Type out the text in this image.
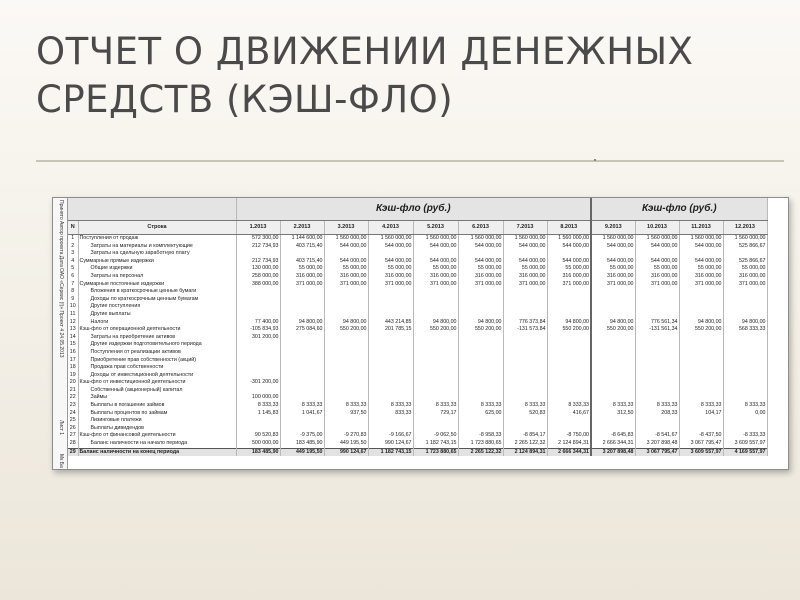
ОТЧЕТ О ДВИЖЕНИИ ДЕНЕЖНЫХ СРЕДСТВ (КЭШ-ФЛО)
Принято Автор проекта Дата
ОАО «Сервис (!)» Проект 4 24.05.2013
Лист 1
Мк Ба
		Кэш-фло (руб.)								Кэш-фло (руб.)			
N	Строка	1.2013	2.2013	3.2013	4.2013	5.2013	6.2013	7.2013	8.2013	9.2013	10.2013	11.2013	12.2013
1	Поступления от продаж	572 300,00	1 144 600,00	1 560 000,00	1 560 000,00	1 560 000,00	1 560 000,00	1 560 000,00	1 560 000,00	1 560 000,00	1 560 000,00	1 560 000,00	1 560 000,00
2	Затраты на материалы и комплектующие	212 734,93	403 715,40	544 000,00	544 000,00	544 000,00	544 000,00	544 000,00	544 000,00	544 000,00	544 000,00	544 000,00	525 866,67
3	Затраты на сдельную заработную плату												
4	Суммарные прямые издержки	212 734,93	403 715,40	544 000,00	544 000,00	544 000,00	544 000,00	544 000,00	544 000,00	544 000,00	544 000,00	544 000,00	525 866,67
5	Общие издержки	130 000,00	55 000,00	55 000,00	55 000,00	55 000,00	55 000,00	55 000,00	55 000,00	55 000,00	55 000,00	55 000,00	55 000,00
6	Затраты на персонал	258 000,00	316 000,00	316 000,00	316 000,00	316 000,00	316 000,00	316 000,00	316 000,00	316 000,00	316 000,00	316 000,00	316 000,00
7	Суммарные постоянные издержки	388 000,00	371 000,00	371 000,00	371 000,00	371 000,00	371 000,00	371 000,00	371 000,00	371 000,00	371 000,00	371 000,00	371 000,00
8	Вложения в краткосрочные ценные бумаги												
9	Доходы по краткосрочным ценным бумагам												
10	Другие поступления												
11	Другие выплаты												
12	Налоги	77 400,00	94 800,00	94 800,00	443 214,85	94 800,00	94 800,00	776 373,84	94 800,00	94 800,00	776 561,34	94 800,00	94 800,00
13	Кэш-фло от операционной деятельности	-105 834,93	275 084,60	550 200,00	201 785,15	550 200,00	550 200,00	-131 573,84	550 200,00	550 200,00	-131 561,34	550 200,00	568 333,33
14	Затраты на приобретение активов	301 200,00											
15	Другие издержки подготовительного периода												
16	Поступления от реализации активов												
17	Приобретение прав собственности (акций)												
18	Продажа прав собственности												
19	Доходы от инвестиционной деятельности												
20	Кэш-фло от инвестиционной деятельности	-301 200,00											
21	Собственный (акционерный) капитал												
22	Займы	100 000,00											
23	Выплаты в погашение займов	8 333,33	8 333,33	8 333,33	8 333,33	8 333,33	8 333,33	8 333,33	8 333,33	8 333,33	8 333,33	8 333,33	8 333,33
24	Выплаты процентов по займам	1 145,83	1 041,67	937,50	833,33	729,17	625,00	520,83	416,67	312,50	208,33	104,17	0,00
25	Лизинговые платежи												
26	Выплаты дивидендов												
27	Кэш-фло от финансовой деятельности	90 520,83	-9 375,00	-9 270,83	-9 166,67	-9 062,50	-8 958,33	-8 854,17	-8 750,00	-8 645,83	-8 541,67	-8 437,50	-8 333,33
28	Баланс наличности на начало периода	500 000,00	183 485,90	449 195,50	990 124,67	1 182 743,15	1 723 880,65	2 265 122,32	2 124 894,31	2 666 344,31	3 207 898,48	3 067 795,47	3 609 557,97
29	Баланс наличности на конец периода	183 485,90	449 195,50	990 124,67	1 182 743,15	1 723 880,65	2 265 122,32	2 124 894,31	2 666 344,31	3 207 898,48	3 067 795,47	3 609 557,97	4 169 557,97
